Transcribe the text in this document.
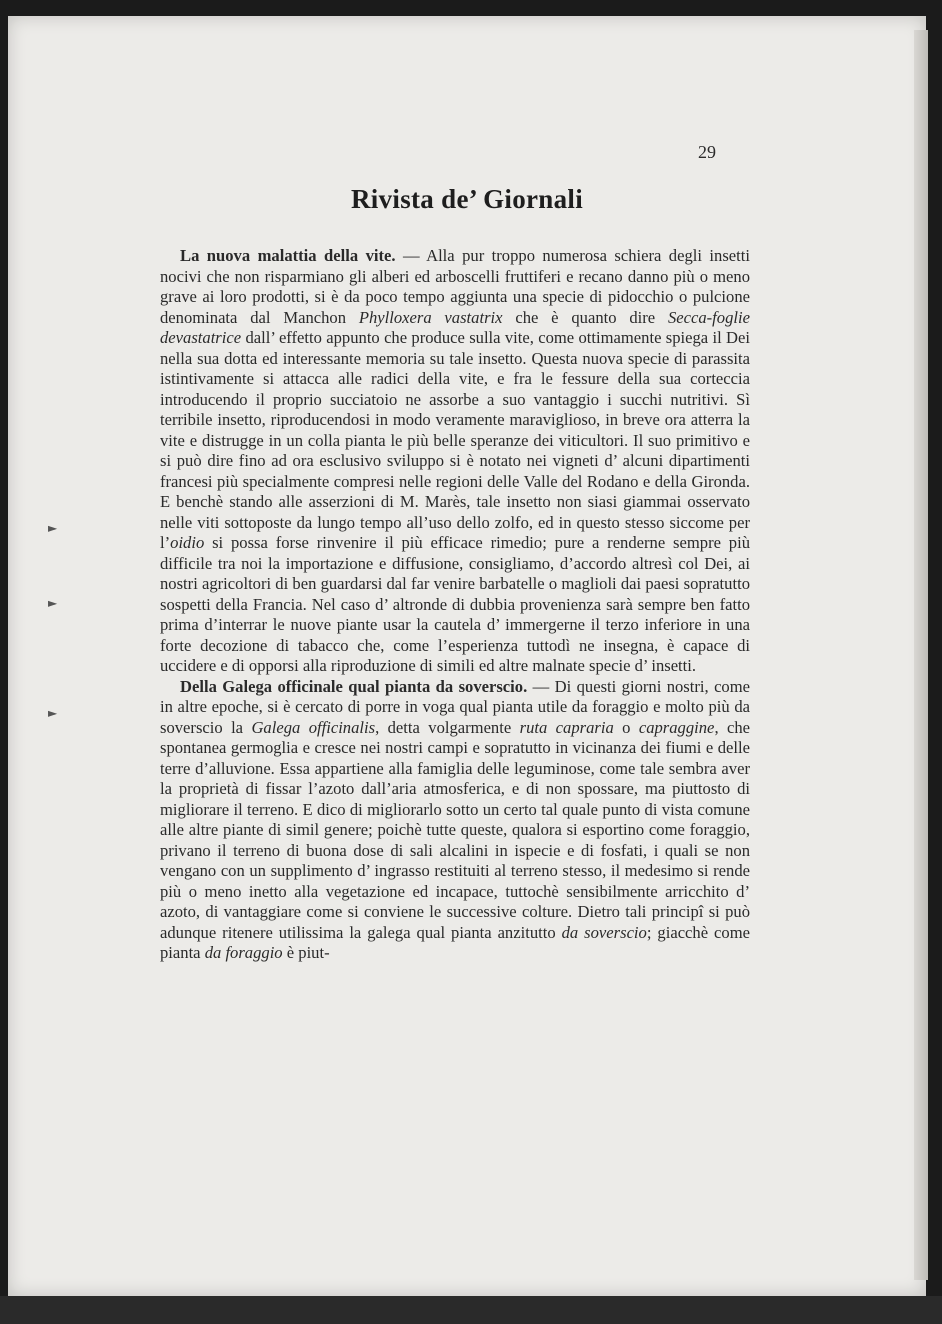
29
Rivista de’ Giornali

La nuova malattia della vite. — Alla pur troppo numerosa schiera degli insetti nocivi che non risparmiano gli alberi ed arboscelli fruttiferi e recano danno più o meno grave ai loro prodotti, si è da poco tempo aggiunta una specie di pidocchio o pulcione denominata dal Manchon Phylloxera vastatrix che è quanto dire Secca-foglie devastatrice dall’ effetto appunto che produce sulla vite, come ottimamente spiega il Dei nella sua dotta ed interessante memoria su tale insetto. Questa nuova specie di parassita istintivamente si attacca alle radici della vite, e fra le fessure della sua corteccia introducendo il proprio succiatoio ne assorbe a suo vantaggio i succhi nutritivi. Sì terribile insetto, riproducendosi in modo veramente maraviglioso, in breve ora atterra la vite e distrugge in un colla pianta le più belle speranze dei viticultori. Il suo primitivo e si può dire fino ad ora esclusivo sviluppo si è notato nei vigneti d’ alcuni dipartimenti francesi più specialmente compresi nelle regioni delle Valle del Rodano e della Gironda. E benchè stando alle asserzioni di M. Marès, tale insetto non siasi giammai osservato nelle viti sottoposte da lungo tempo all’uso dello zolfo, ed in questo stesso siccome per l’oidio si possa forse rinvenire il più efficace rimedio; pure a renderne sempre più difficile tra noi la importazione e diffusione, consigliamo, d’accordo altresì col Dei, ai nostri agricoltori di ben guardarsi dal far venire barbatelle o maglioli dai paesi sopratutto sospetti della Francia. Nel caso d’ altronde di dubbia provenienza sarà sempre ben fatto prima d’interrar le nuove piante usar la cautela d’ immergerne il terzo inferiore in una forte decozione di tabacco che, come l’esperienza tuttodì ne insegna, è capace di uccidere e di opporsi alla riproduzione di simili ed altre malnate specie d’ insetti.

Della Galega officinale qual pianta da soverscio. — Di questi giorni nostri, come in altre epoche, si è cercato di porre in voga qual pianta utile da foraggio e molto più da soverscio la Galega officinalis, detta volgarmente ruta capraria o capraggine, che spontanea germoglia e cresce nei nostri campi e sopratutto in vicinanza dei fiumi e delle terre d’alluvione. Essa appartiene alla famiglia delle leguminose, come tale sembra aver la proprietà di fissar l’azoto dall’aria atmosferica, e di non spossare, ma piuttosto di migliorare il terreno. E dico di migliorarlo sotto un certo tal quale punto di vista comune alle altre piante di simil genere; poichè tutte queste, qualora si esportino come foraggio, privano il terreno di buona dose di sali alcalini in ispecie e di fosfati, i quali se non vengano con un supplimento d’ ingrasso restituiti al terreno stesso, il medesimo si rende più o meno inetto alla vegetazione ed incapace, tuttochè sensibilmente arricchito d’ azoto, di vantaggiare come si conviene le successive colture. Dietro tali principî si può adunque ritenere utilissima la galega qual pianta anzitutto da soverscio; giacchè come pianta da foraggio è piut-

►
►
►
